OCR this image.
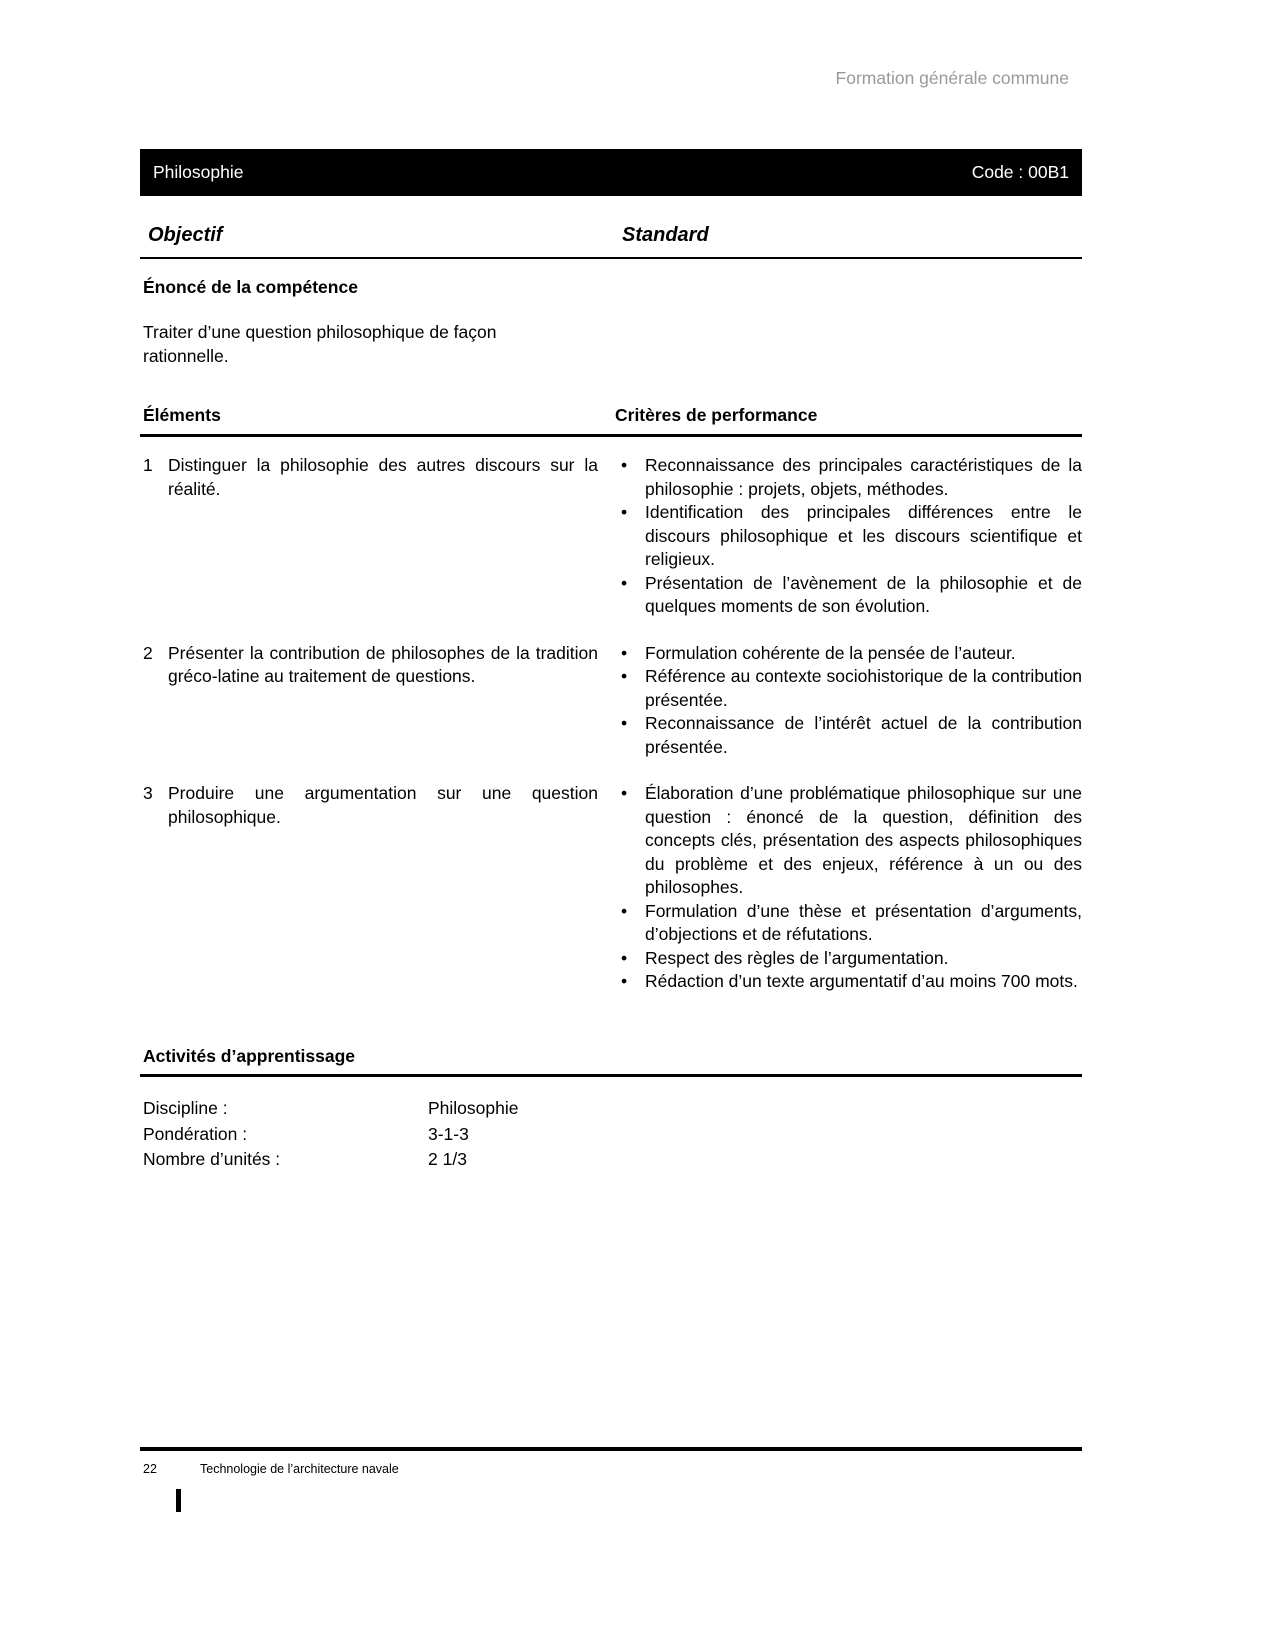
Formation générale commune
Philosophie	Code : 00B1
Objectif	Standard

Énoncé de la compétence

Traiter d’une question philosophique de façon rationnelle.

Éléments	Critères de performance
1 Distinguer la philosophie des autres discours sur la réalité.

•	Reconnaissance des principales caractéristiques de la philosophie : projets, objets, méthodes.

•	Identification des principales différences entre le discours philosophique et les discours scientifique et religieux.

•	Présentation de l’avènement de la philosophie et de quelques moments de son évolution.

2 Présenter la contribution de philosophes de la tradition gréco-latine au traitement de questions.

•	Formulation cohérente de la pensée de l’auteur.

•	Référence au contexte sociohistorique de la contribution présentée.

•	Reconnaissance de l’intérêt actuel de la contribution présentée.

3 Produire une argumentation sur une question philosophique.

•	Élaboration d’une problématique philosophique sur une question : énoncé de la question, définition des concepts clés, présentation des aspects philosophiques du problème et des enjeux, référence à un ou des philosophes.

•	Formulation d’une thèse et présentation d’arguments, d’objections et de réfutations.

•	Respect des règles de l’argumentation.

•	Rédaction d’un texte argumentatif d’au moins 700 mots.

Activités d’apprentissage
Discipline :	Philosophie
Pondération :	3-1-3
Nombre d’unités :	2 1/3
22	Technologie de l’architecture navale
